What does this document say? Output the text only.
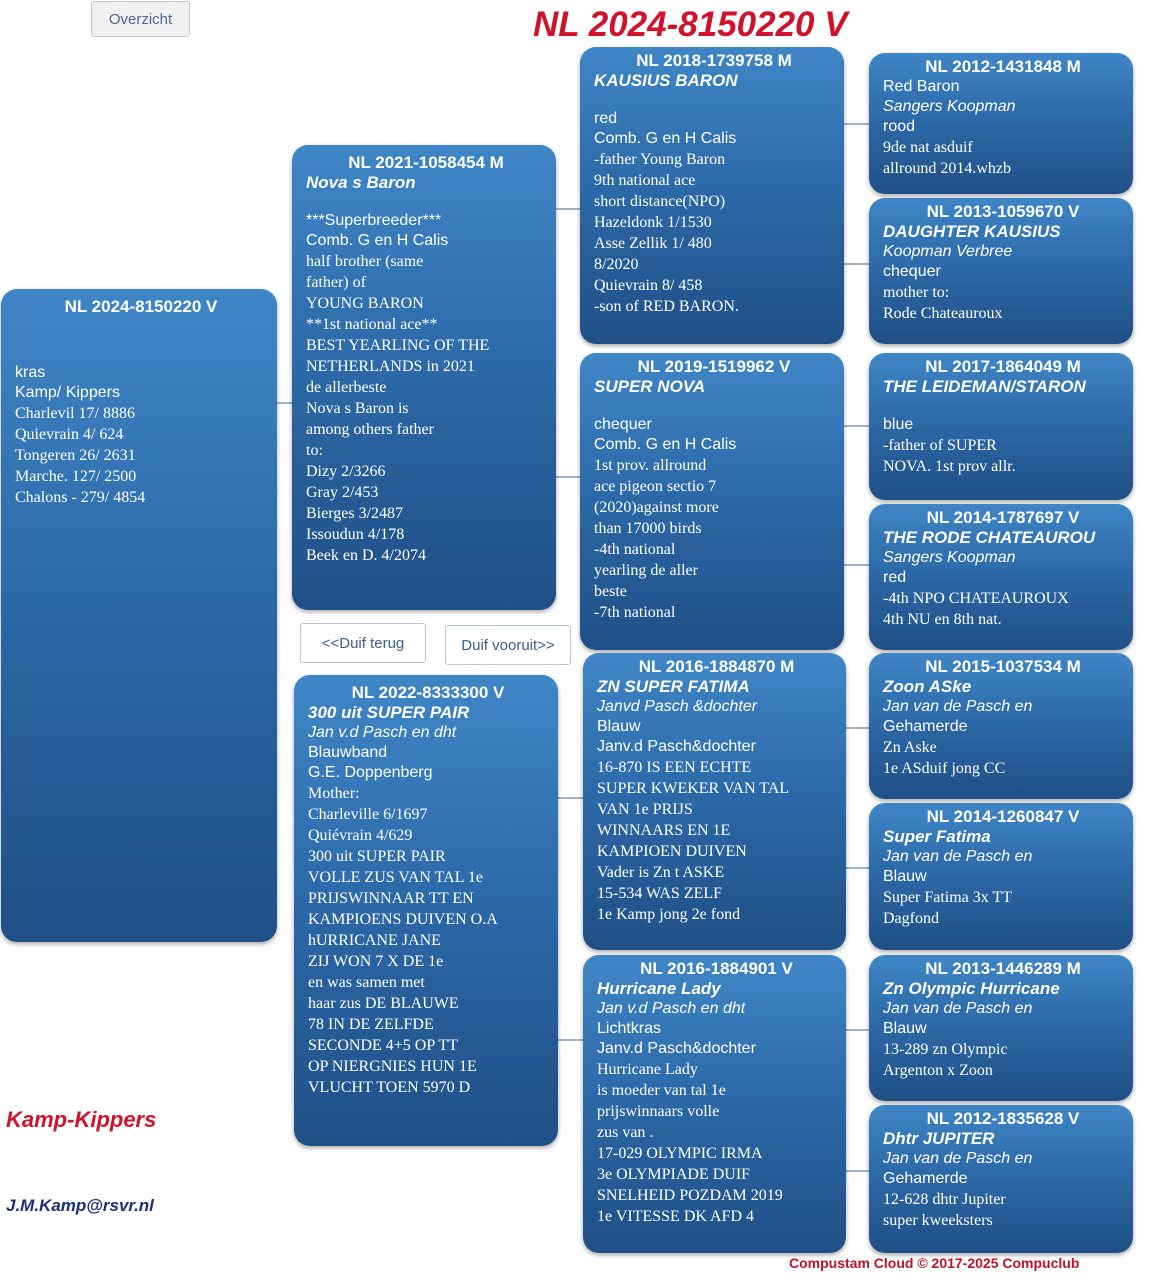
Overzicht	NL 2024-8150220 V
NL 2024-8150220 V
kras
Kamp/ Kippers
Charlevil 17/ 8886
Quievrain 4/ 624
Tongeren 26/ 2631
Marche. 127/ 2500
Chalons - 279/ 4854
NL 2021-1058454 M
Nova s Baron
***Superbreeder***
Comb. G en H Calis
half brother (same
father) of
YOUNG BARON
**1st national ace**
BEST YEARLING OF THE
NETHERLANDS in 2021
de allerbeste
Nova s Baron is
among others father
to:
Dizy 2/3266
Gray 2/453
Bierges 3/2487
Issoudun 4/178
Beek en D. 4/2074
NL 2022-8333300 V
300 uit SUPER PAIR
Jan v.d Pasch en dht
Blauwband
G.E. Doppenberg
Mother:
Charleville 6/1697
Quiévrain 4/629
300 uit SUPER PAIR
VOLLE ZUS VAN TAL 1e
PRIJSWINNAAR TT EN
KAMPIOENS DUIVEN O.A
hURRICANE JANE
ZIJ WON 7 X DE 1e
en was samen met
haar zus DE BLAUWE
78 IN DE ZELFDE
SECONDE 4+5 OP TT
OP NIERGNIES HUN 1E
VLUCHT TOEN 5970 D
NL 2018-1739758 M
KAUSIUS BARON
red
Comb. G en H Calis
-father Young Baron
9th national ace
short distance(NPO)
Hazeldonk 1/1530
Asse Zellik 1/ 480
8/2020
Quievrain 8/ 458
-son of RED BARON.
NL 2019-1519962 V
SUPER NOVA
chequer
Comb. G en H Calis
1st prov. allround
ace pigeon sectio 7
(2020)against more
than 17000 birds
-4th national
yearling de aller
beste
-7th national
NL 2016-1884870 M
ZN SUPER FATIMA
Janvd Pasch &dochter
Blauw
Janv.d Pasch&dochter
16-870 IS EEN ECHTE
SUPER KWEKER VAN TAL
VAN 1e PRIJS
WINNAARS EN 1E
KAMPIOEN DUIVEN
Vader is Zn t ASKE
15-534 WAS ZELF
1e Kamp jong 2e fond
NL 2016-1884901 V
Hurricane Lady
Jan v.d Pasch en dht
Lichtkras
Janv.d Pasch&dochter
Hurricane Lady
is moeder van tal 1e
prijswinnaars volle
zus van .
17-029 OLYMPIC IRMA
3e OLYMPIADE DUIF
SNELHEID POZDAM 2019
1e VITESSE DK AFD 4
NL 2012-1431848 M
Red Baron
Sangers Koopman
rood
9de nat asduif
allround 2014.whzb
NL 2013-1059670 V
DAUGHTER KAUSIUS
Koopman Verbree
chequer
mother to:
Rode Chateauroux
NL 2017-1864049 M
THE LEIDEMAN/STARON
blue
-father of SUPER
NOVA. 1st prov allr.
NL 2014-1787697 V
THE RODE CHATEAUROU
Sangers Koopman
red
-4th NPO CHATEAUROUX
4th NU en 8th nat.
NL 2015-1037534 M
Zoon ASke
Jan van de Pasch en
Gehamerde
Zn Aske
1e ASduif jong CC
NL 2014-1260847 V
Super Fatima
Jan van de Pasch en
Blauw
Super Fatima 3x TT
Dagfond
NL 2013-1446289 M
Zn Olympic Hurricane
Jan van de Pasch en
Blauw
13-289 zn Olympic
Argenton x Zoon
NL 2012-1835628 V
Dhtr JUPITER
Jan van de Pasch en
Gehamerde
12-628 dhtr Jupiter
super kweeksters
<<Duif terug	Duif vooruit>>
Kamp-Kippers
J.M.Kamp@rsvr.nl
Compustam Cloud © 2017-2025 Compuclub
